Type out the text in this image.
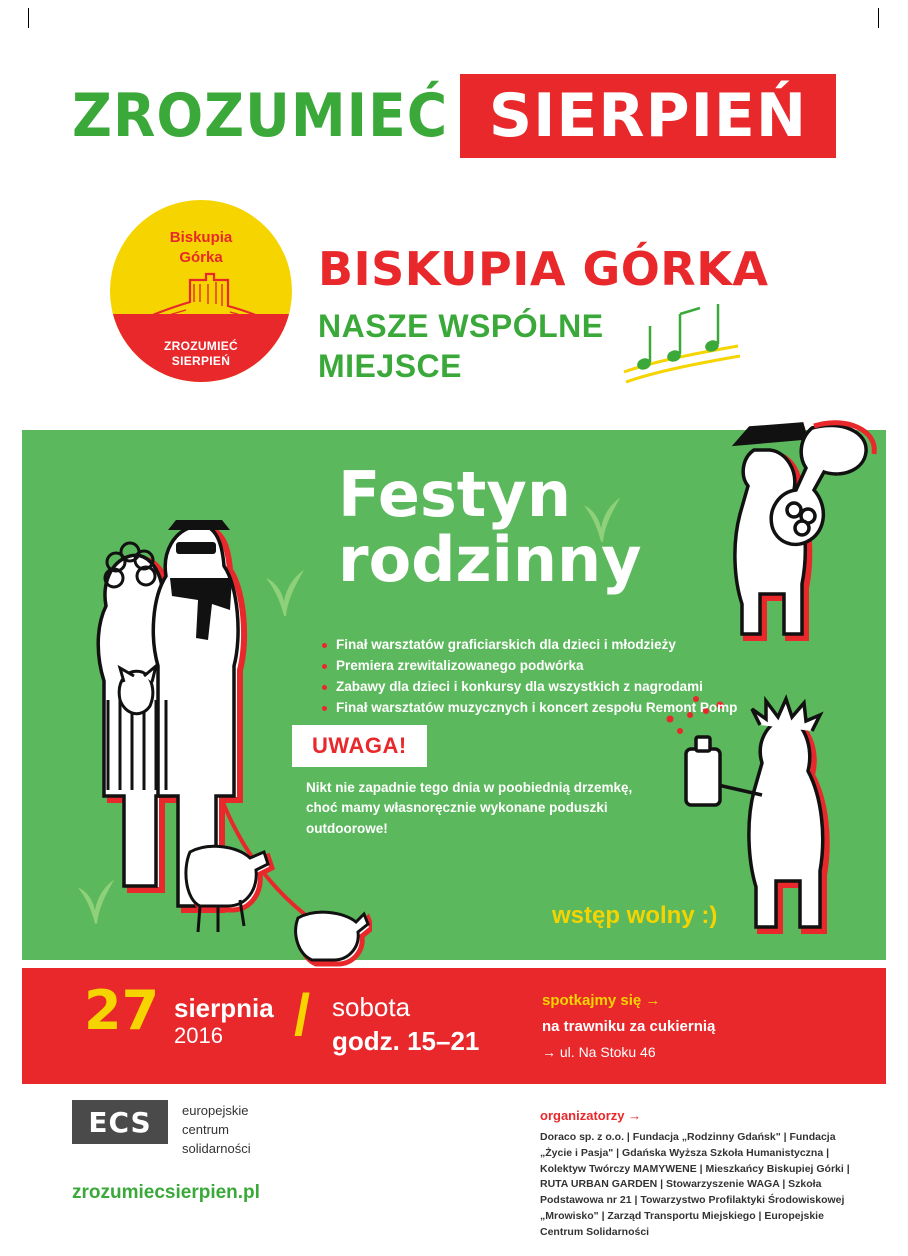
ZROZUMIEĆ SIERPIEŃ
Biskupia
Górka
ZROZUMIEĆ
SIERPIEŃ
BISKUPIA GÓRKA
NASZE WSPÓLNE
MIEJSCE
Festyn
rodzinny
Finał warsztatów graficiarskich dla dzieci i młodzieży
Premiera zrewitalizowanego podwórka
Zabawy dla dzieci i konkursy dla wszystkich z nagrodami
Finał warsztatów muzycznych i koncert zespołu Remont Pomp
UWAGA!
Nikt nie zapadnie tego dnia w poobiednią drzemkę, choć mamy własnoręcznie wykonane poduszki outdoorowe!
wstęp wolny :)
27 sierpnia
2016 / sobota
godz. 15–21
spotkajmy się →
na trawniku za cukiernią
→ ul. Na Stoku 46
ECS europejskie
centrum
solidarności
zrozumiecsierpien.pl
organizatorzy →
Doraco sp. z o.o. | Fundacja „Rodzinny Gdańsk" | Fundacja „Życie i Pasja" | Gdańska Wyższa Szkoła Humanistyczna | Kolektyw Twórczy MAMYWENE | Mieszkańcy Biskupiej Górki | RUTA URBAN GARDEN | Stowarzyszenie WAGA | Szkoła Podstawowa nr 21 | Towarzystwo Profilaktyki Środowiskowej „Mrowisko" | Zarząd Transportu Miejskiego | Europejskie Centrum Solidarności
